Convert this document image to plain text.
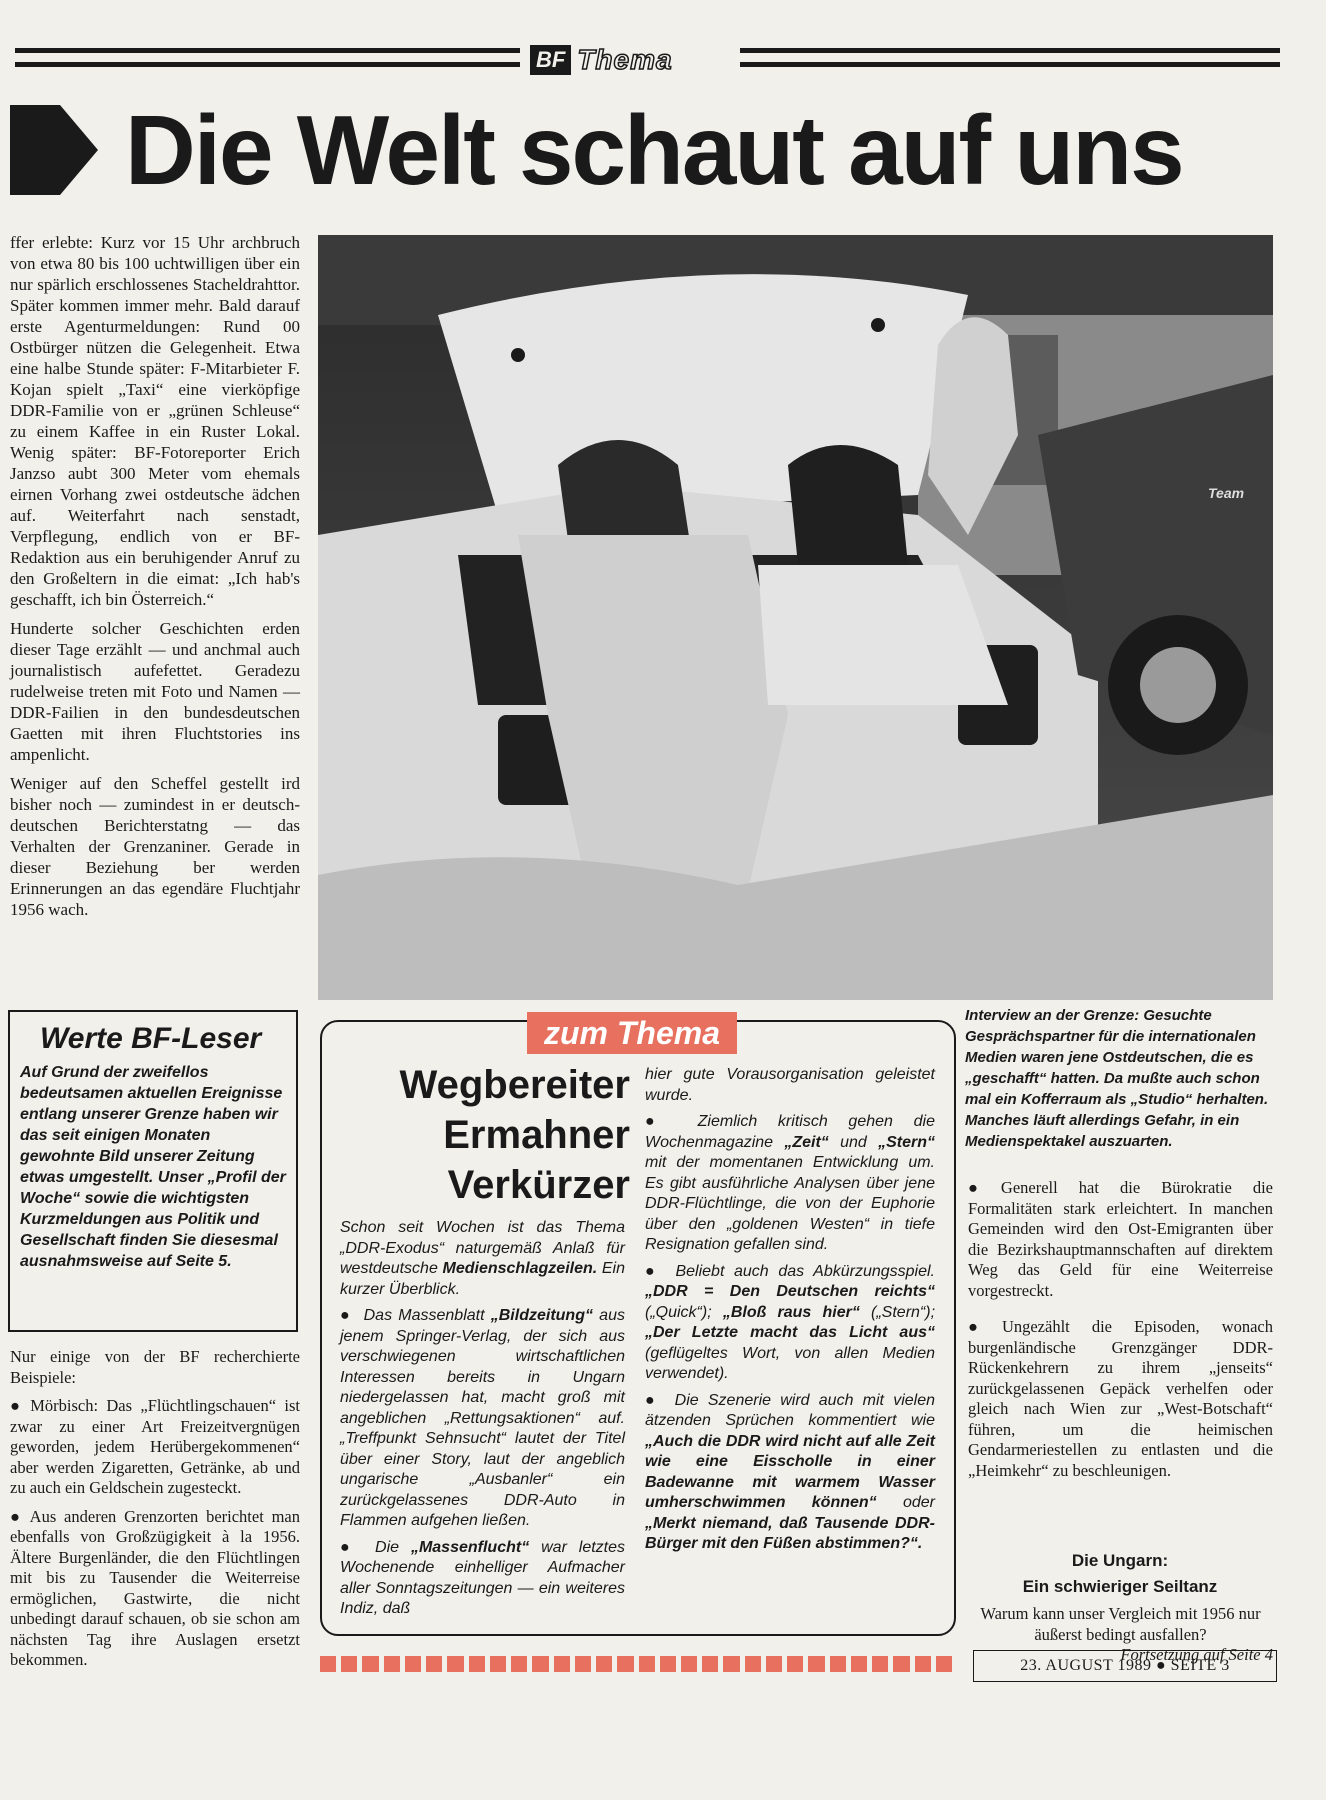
BF Thema
Die Welt schaut auf uns

ffer erlebte: Kurz vor 15 Uhr archbruch von etwa 80 bis 100 uchtwilligen über ein nur spärlich erschlossenes Stacheldrahttor. Später kommen immer mehr. Bald darauf erste Agenturmeldungen: Rund 00 Ostbürger nützen die Gelegenheit. Etwa eine halbe Stunde später: F-Mitarbieter F. Kojan spielt „Taxi“ eine vierköpfige DDR-Familie von er „grünen Schleuse“ zu einem Kaffee in ein Ruster Lokal. Wenig später: BF-Fotoreporter Erich Janzso aubt 300 Meter vom ehemals eirnen Vorhang zwei ostdeutsche ädchen auf. Weiterfahrt nach senstadt, Verpflegung, endlich von er BF-Redaktion aus ein beruhigender Anruf zu den Großeltern in die eimat: „Ich hab's geschafft, ich bin Österreich.“

Hunderte solcher Geschichten erden dieser Tage erzählt — und anchmal auch journalistisch aufefettet. Geradezu rudelweise treten mit Foto und Namen — DDR-Failien in den bundesdeutschen Gaetten mit ihren Fluchtstories ins ampenlicht.

Weniger auf den Scheffel gestellt ird bisher noch — zumindest in er deutsch-deutschen Berichterstatng — das Verhalten der Grenzaniner. Gerade in dieser Beziehung ber werden Erinnerungen an das egendäre Fluchtjahr 1956 wach.

Team
Interview an der Grenze: Gesuchte Gesprächspartner für die internationalen Medien waren jene Ostdeutschen, die es „geschafft“ hatten. Da mußte auch schon mal ein Kofferraum als „Studio“ herhalten. Manches läuft allerdings Gefahr, in ein Medienspektakel auszuarten.
Werte BF-Leser

Auf Grund der zweifellos bedeutsamen aktuellen Ereignisse entlang unserer Grenze haben wir das seit einigen Monaten gewohnte Bild unserer Zeitung etwas umgestellt. Unser „Profil der Woche“ sowie die wichtigsten Kurzmeldungen aus Politik und Gesellschaft finden Sie diesesmal ausnahmsweise auf Seite 5.

Nur einige von der BF recherchierte Beispiele:

● Mörbisch: Das „Flüchtlingschauen“ ist zwar zu einer Art Freizeitvergnügen geworden, jedem Herübergekommenen“ aber werden Zigaretten, Getränke, ab und zu auch ein Geldschein zugesteckt.

● Aus anderen Grenzorten berichtet man ebenfalls von Großzügigkeit à la 1956. Ältere Burgenländer, die den Flüchtlingen mit bis zu Tausender die Weiterreise ermöglichen, Gastwirte, die nicht unbedingt darauf schauen, ob sie schon am nächsten Tag ihre Auslagen ersetzt bekommen.

zum Thema
Wegbereiter
Ermahner
Verkürzer

Schon seit Wochen ist das Thema „DDR-Exodus“ naturgemäß Anlaß für westdeutsche Medienschlagzeilen. Ein kurzer Überblick.

● Das Massenblatt „Bildzeitung“ aus jenem Springer-Verlag, der sich aus verschwiegenen wirtschaftlichen Interessen bereits in Ungarn niedergelassen hat, macht groß mit angeblichen „Rettungsaktionen“ auf. „Treffpunkt Sehnsucht“ lautet der Titel über einer Story, laut der angeblich ungarische „Ausbanler“ ein zurückgelassenes DDR-Auto in Flammen aufgehen ließen.

● Die „Massenflucht“ war letztes Wochenende einhelliger Aufmacher aller Sonntagszeitungen — ein weiteres Indiz, daß

hier gute Vorausorganisation geleistet wurde.

● Ziemlich kritisch gehen die Wochenmagazine „Zeit“ und „Stern“ mit der momentanen Entwicklung um. Es gibt ausführliche Analysen über jene DDR-Flüchtlinge, die von der Euphorie über den „goldenen Westen“ in tiefe Resignation gefallen sind.

● Beliebt auch das Abkürzungsspiel. „DDR = Den Deutschen reichts“ („Quick“); „Bloß raus hier“ („Stern“); „Der Letzte macht das Licht aus“ (geflügeltes Wort, von allen Medien verwendet).

● Die Szenerie wird auch mit vielen ätzenden Sprüchen kommentiert wie „Auch die DDR wird nicht auf alle Zeit wie eine Eisscholle in einer Badewanne mit warmem Wasser umherschwimmen können“ oder „Merkt niemand, daß Tausende DDR-Bürger mit den Füßen abstimmen?“.

● Generell hat die Bürokratie die Formalitäten stark erleichtert. In manchen Gemeinden wird den Ost-Emigranten über die Bezirkshauptmannschaften auf direktem Weg das Geld für eine Weiterreise vorgestreckt.

● Ungezählt die Episoden, wonach burgenländische Grenzgänger DDR-Rückenkehrern zu ihrem „jenseits“ zurückgelassenen Gepäck verhelfen oder gleich nach Wien zur „West-Botschaft“ führen, um die heimischen Gendarmeriestellen zu entlasten und die „Heimkehr“ zu beschleunigen.

Die Ungarn:
Ein schwieriger Seiltanz
Warum kann unser Vergleich mit 1956 nur äußerst bedingt ausfallen?
Fortsetzung auf Seite 4
23. AUGUST 1989 ● SEITE 3
